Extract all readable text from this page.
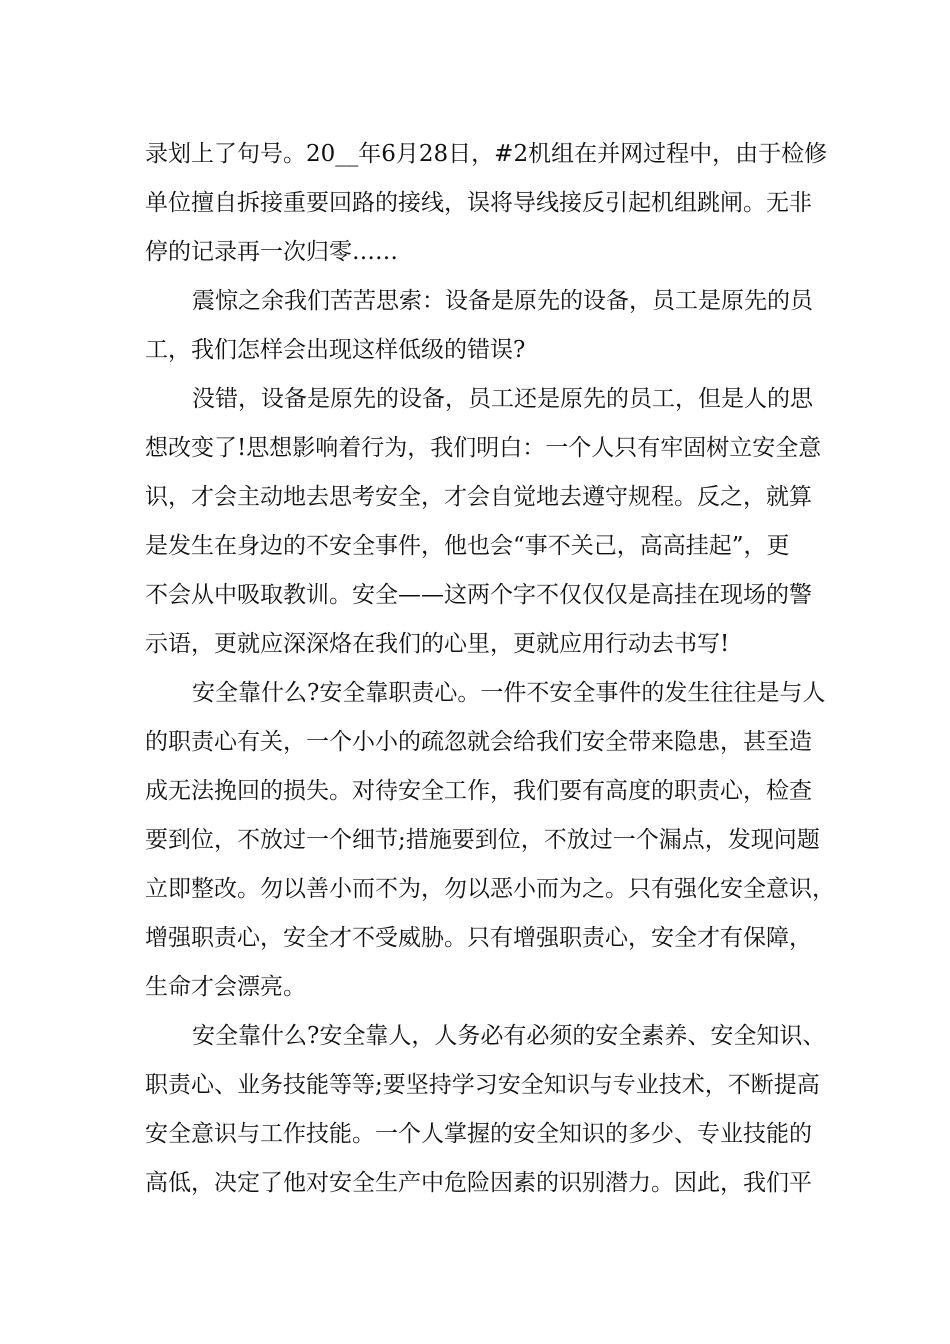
录划上了句号。20__年6月28日，#2机组在并网过程中，由于检修
单位擅自拆接重要回路的接线，误将导线接反引起机组跳闸。无非
停的记录再一次归零……
震惊之余我们苦苦思索：设备是原先的设备，员工是原先的员
工，我们怎样会出现这样低级的错误?
没错，设备是原先的设备，员工还是原先的员工，但是人的思
想改变了!思想影响着行为，我们明白：一个人只有牢固树立安全意
识，才会主动地去思考安全，才会自觉地去遵守规程。反之，就算
是发生在身边的不安全事件，他也会“事不关己，高高挂起”，更
不会从中吸取教训。安全——这两个字不仅仅仅是高挂在现场的警
示语，更就应深深烙在我们的心里，更就应用行动去书写!
安全靠什么?安全靠职责心。一件不安全事件的发生往往是与人
的职责心有关，一个小小的疏忽就会给我们安全带来隐患，甚至造
成无法挽回的损失。对待安全工作，我们要有高度的职责心，检查
要到位，不放过一个细节;措施要到位，不放过一个漏点，发现问题
立即整改。勿以善小而不为，勿以恶小而为之。只有强化安全意识，
增强职责心，安全才不受威胁。只有增强职责心，安全才有保障，
生命才会漂亮。
安全靠什么?安全靠人，人务必有必须的安全素养、安全知识、
职责心、业务技能等等;要坚持学习安全知识与专业技术，不断提高
安全意识与工作技能。一个人掌握的安全知识的多少、专业技能的
高低，决定了他对安全生产中危险因素的识别潜力。因此，我们平
